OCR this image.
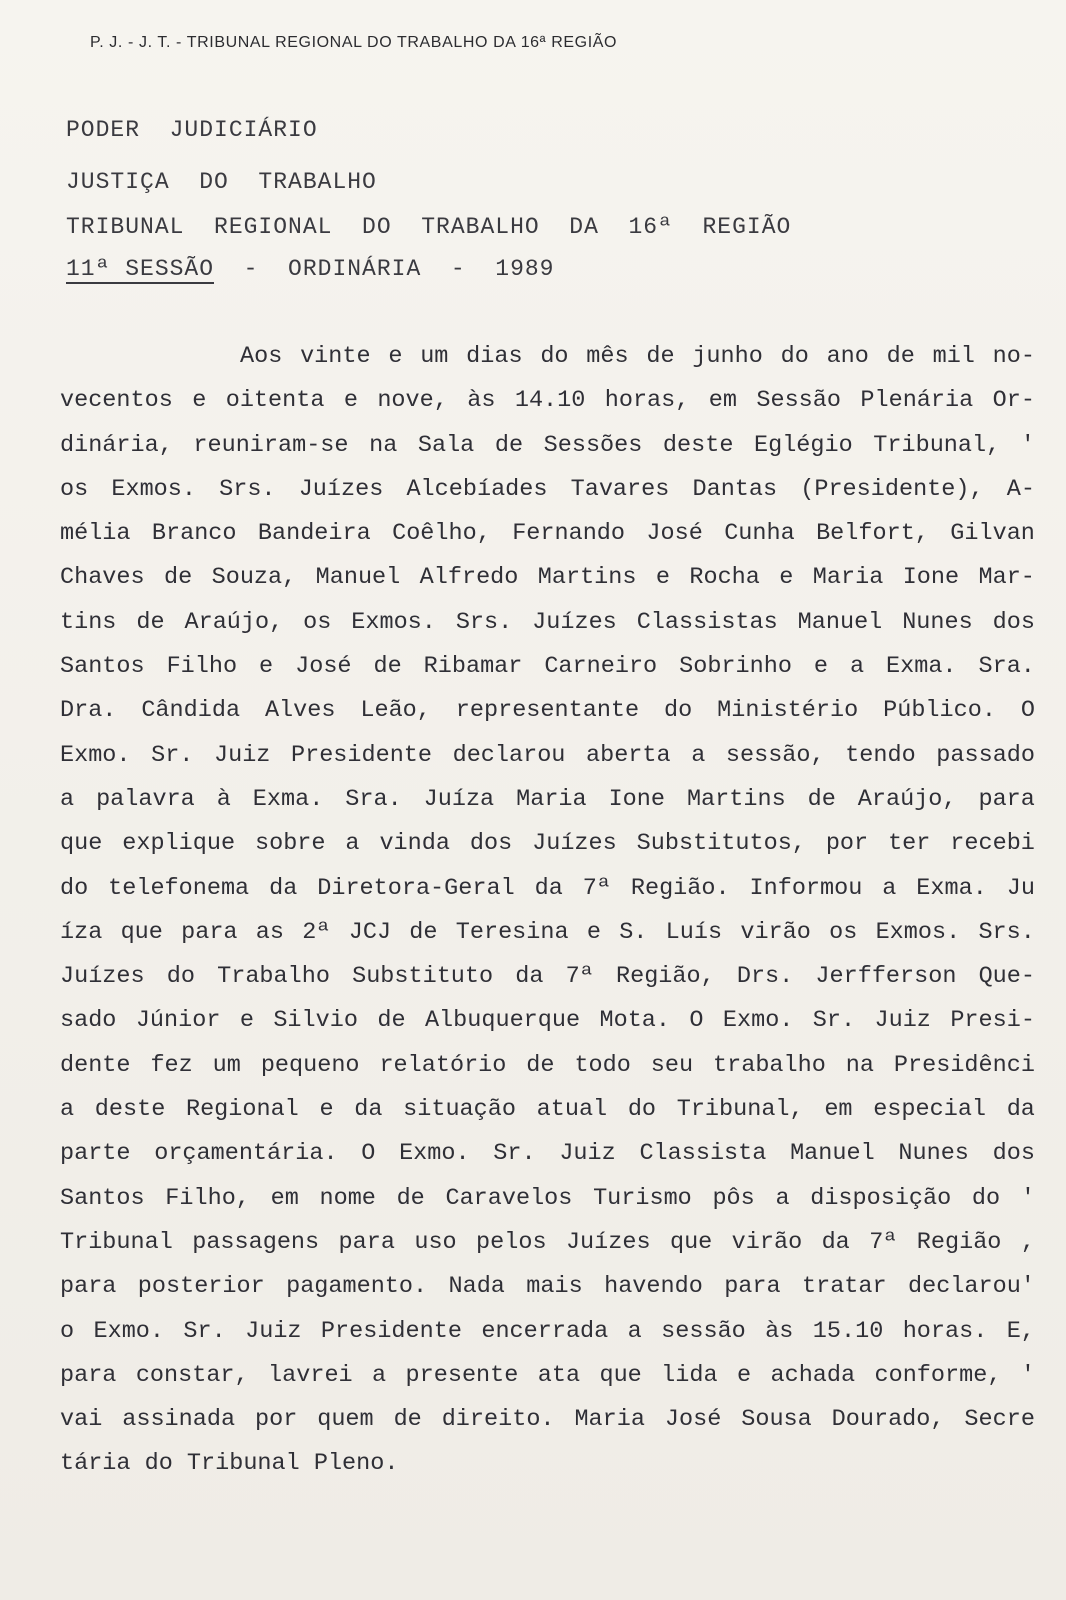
P. J. - J. T. - TRIBUNAL REGIONAL DO TRABALHO DA 16ª REGIÃO
PODER  JUDICIÁRIO
JUSTIÇA  DO  TRABALHO
TRIBUNAL  REGIONAL  DO  TRABALHO  DA  16ª  REGIÃO
11ª SESSÃO  -  ORDINÁRIA  -  1989
Aos vinte e um dias do mês de junho do ano de mil no-
vecentos e oitenta e nove, às 14.10 horas, em Sessão Plenária Or-
dinária, reuniram-se na Sala de Sessões deste Eglégio Tribunal, '
os Exmos. Srs. Juízes Alcebíades Tavares Dantas (Presidente), A-
mélia Branco Bandeira Coêlho, Fernando José Cunha Belfort, Gilvan
Chaves de Souza, Manuel Alfredo Martins e Rocha e Maria Ione Mar-
tins de Araújo, os Exmos. Srs. Juízes Classistas Manuel Nunes dos
Santos Filho e José de Ribamar Carneiro Sobrinho e a Exma. Sra.
Dra. Cândida Alves Leão, representante do Ministério Público. O
Exmo. Sr. Juiz Presidente declarou aberta a sessão, tendo passado
a palavra à Exma. Sra. Juíza Maria Ione Martins de Araújo, para
que explique sobre a vinda dos Juízes Substitutos, por ter recebi
do telefonema da Diretora-Geral da 7ª Região. Informou a Exma. Ju
íza que para as 2ª JCJ de Teresina e S. Luís virão os Exmos. Srs.
Juízes do Trabalho Substituto da 7ª Região, Drs. Jerfferson Que-
sado Júnior e Silvio de Albuquerque Mota. O Exmo. Sr. Juiz Presi-
dente fez um pequeno relatório de todo seu trabalho na Presidênci
a deste Regional e da situação atual do Tribunal, em especial da
parte orçamentária. O Exmo. Sr. Juiz Classista Manuel Nunes dos
Santos Filho, em nome de Caravelos Turismo pôs a disposição do '
Tribunal passagens para uso pelos Juízes que virão da 7ª Região ,
para posterior pagamento. Nada mais havendo para tratar declarou'
o Exmo. Sr. Juiz Presidente encerrada a sessão às 15.10 horas. E,
para constar, lavrei a presente ata que lida e achada conforme, '
vai assinada por quem de direito. Maria José Sousa Dourado, Secre
tária do Tribunal Pleno.
